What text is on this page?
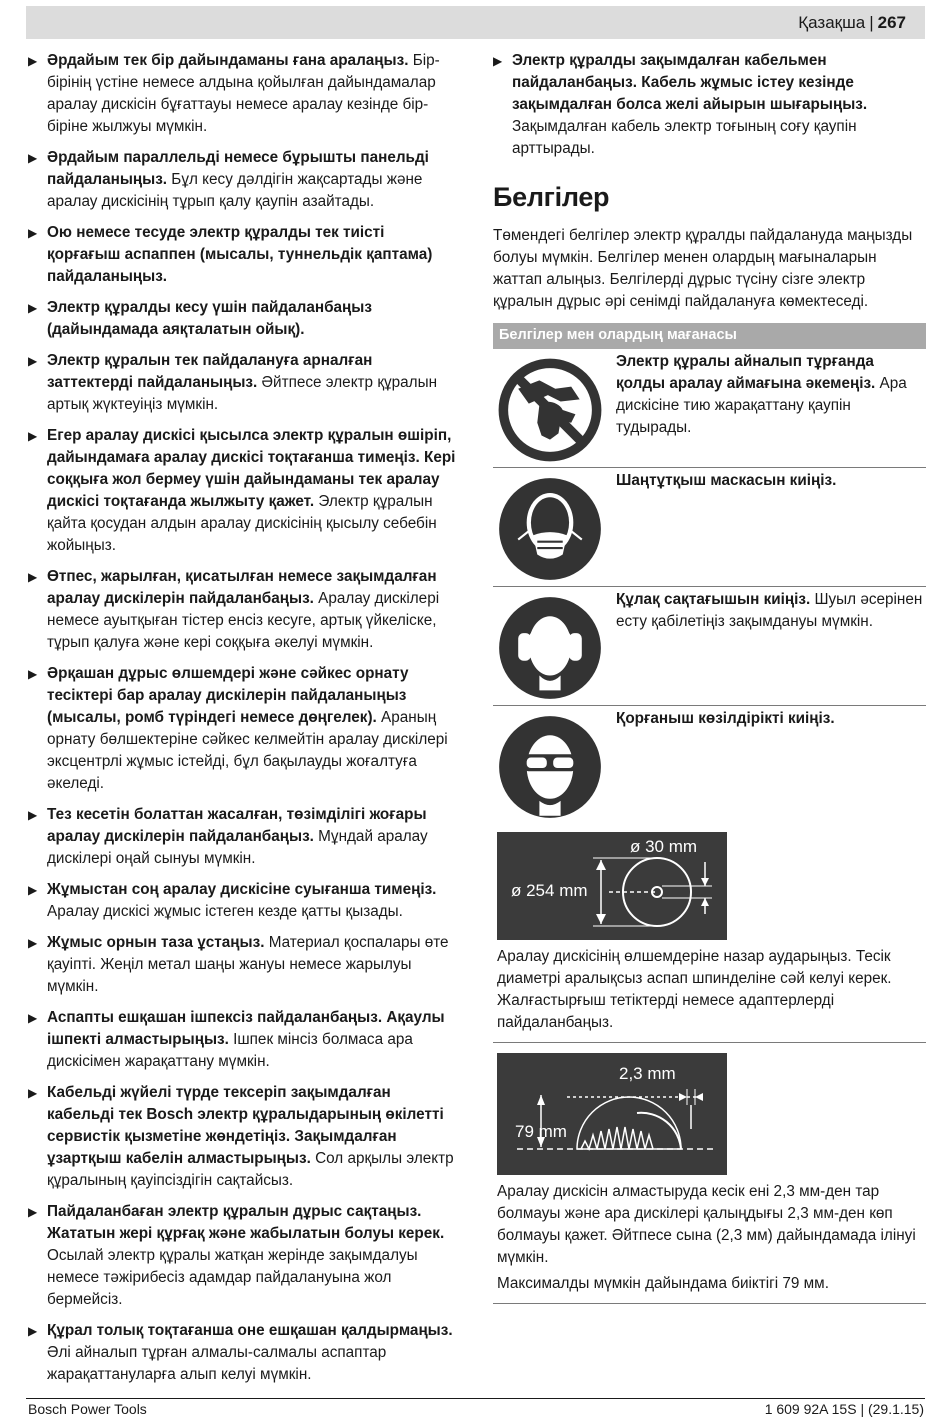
Қазақша | 267
▶ Әрдайым тек бір дайындаманы ғана аралаңыз. Бір-бірінің үстіне немесе алдына қойылған дайындамалар аралау дискісін бұғаттауы немесе аралау кезінде бір-біріне жылжуы мүмкін.
▶ Әрдайым параллельді немесе бұрышты панельді пайдаланыңыз. Бұл кесу дәлдігін жақсартады және аралау дискісінің тұрып қалу қаупін азайтады.
▶ Ою немесе тесуде электр құралды тек тиісті қорғағыш аспаппен (мысалы, туннельдік қаптама) пайдаланыңыз.
▶ Электр құралды кесу үшін пайдаланбаңыз (дайындамада аяқталатын ойық).
▶ Электр құралын тек пайдалануға арналған заттектерді пайдаланыңыз. Әйтпесе электр құралын артық жүктеуіңіз мүмкін.
▶ Егер аралау дискісі қысылса электр құралын өшіріп, дайындамаға аралау дискісі тоқтағанша тимеңіз. Кері соққыға жол бермеу үшін дайындаманы тек аралау дискісі тоқтағанда жылжыту қажет. Электр құралын қайта қосудан алдын аралау дискісінің қысылу себебін жойыңыз.
▶ Өтпес, жарылған, қисатылған немесе зақымдалған аралау дискілерін пайдаланбаңыз. Аралау дискілері немесе ауытқыған тістер енсіз кесуге, артық үйкеліске, тұрып қалуға және кері соққыға әкелуі мүмкін.
▶ Әрқашан дұрыс өлшемдері және сәйкес орнату тесіктері бар аралау дискілерін пайдаланыңыз (мысалы, ромб түріндегі немесе дөңгелек). Араның орнату бөлшектеріне сәйкес келмейтін аралау дискілері эксцентрлі жұмыс істейді, бұл бақылауды жоғалтуға әкеледі.
▶ Тез кесетін болаттан жасалған, төзімділігі жоғары аралау дискілерін пайдаланбаңыз. Мұндай аралау дискілері оңай сынуы мүмкін.
▶ Жұмыстан соң аралау дискісіне суығанша тимеңіз. Аралау дискісі жұмыс істеген кезде қатты қызады.
▶ Жұмыс орнын таза ұстаңыз. Материал қоспалары өте қауіпті. Жеңіл метал шаңы жануы немесе жарылуы мүмкін.
▶ Аспапты ешқашан ішпексіз пайдаланбаңыз. Ақаулы ішпекті алмастырыңыз. Ішпек мінсіз болмаса ара дискісімен жарақаттану мүмкін.
▶ Кабельді жүйелі түрде тексеріп зақымдалған кабельді тек Bosch электр құралыдарының өкілетті сервистік қызметіне жөндетіңіз. Зақымдалған ұзартқыш кабелін алмастырыңыз. Сол арқылы электр құралының қауіпсіздігін сақтайсыз.
▶ Пайдаланбаған электр құралын дұрыс сақтаңыз. Жататын жері құрғақ және жабылатын болуы керек. Осылай электр құралы жатқан жерінде зақымдалуы немесе тәжірибесіз адамдар пайдалануына жол бермейсіз.
▶ Құрал толық тоқтағанша оне ешқашан қалдырмаңыз. Әлі айналып тұрған алмалы-салмалы аспаптар жарақаттануларға алып келуі мүмкін.
▶ Электр құралды зақымдалған кабельмен пайдаланбаңыз. Кабель жұмыс істеу кезінде зақымдалған болса желі айырын шығарыңыз. Зақымдалған кабель электр тоғының соғу қаупін арттырады.
Белгілер
Төмендегі белгілер электр құралды пайдалануда маңызды болуы мүмкін. Белгілер менен олардың мағыналарын жаттап алыңыз. Белгілерді дұрыс түсіну сізге электр құралын дұрыс әрі сенімді пайдалануға көмектеседі.
Белгілер мен олардың мағанасы
Электр құралы айналып тұрғанда қолды аралау аймағына әкемеңіз. Ара дискісіне тию жарақаттану қаупін тудырады.
Шаңтұтқыш маскасын киіңіз.
Құлақ сақтағышын киіңіз. Шуыл әсерінен есту қабілетіңіз зақымдануы мүмкін.
Қорғаныш көзілдірікті киіңіз.
ø 30 mm
ø 254 mm
Аралау дискісінің өлшемдеріне назар аударыңыз. Тесік диаметрі аралықсыз аспап шпинделіне сәй келуі керек. Жалғастырғыш тетіктерді немесе адаптерлерді пайдаланбаңыз.
2,3 mm
79 mm
Аралау дискісін алмастыруда кесік ені 2,3 мм-ден тар болмауы және ара дискілері қалыңдығы 2,3 мм-ден көп болмауы қажет. Әйтпесе сына (2,3 мм) дайындамада ілінуі мүмкін.
Максималды мүмкін дайындама биіктігі 79 мм.
Bosch Power Tools	1 609 92A 15S | (29.1.15)
